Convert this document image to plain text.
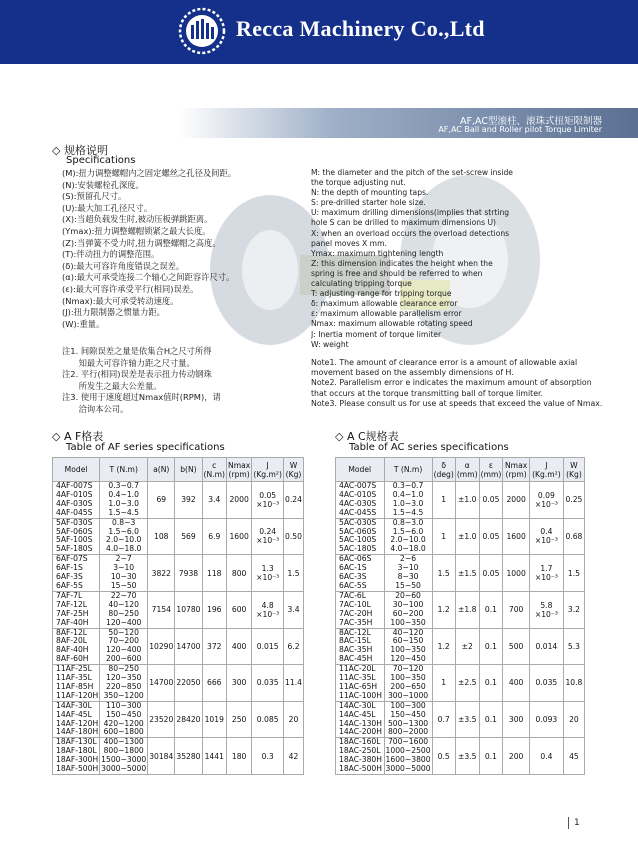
Recca Machinery Co.,Ltd
AF,AC型滚柱、滚珠式扭矩限制器
AF,AC Ball and Roller pilot Torque Limiter
◇ 规格说明
Specifications
(M):扭力调整螺帽内之固定螺丝之孔径及间距。
(N):安装螺栓孔深度。
(S):预留孔尺寸。
(U):最大加工孔径尺寸。
(X):当超负载发生时,被动压板弹跳距离。
(Ymax):扭力调整螺帽锁紧之最大长度。
(Z):当弹簧不受力时,扭力调整螺帽之高度。
(T):伴动扭力的调整范围。
(δ):最大可容许角度错误之误差。
(α):最大可承受连接二个轴心之间距容许尺寸。
(ε):最大可容许承受平行(相同)误差。
(Nmax):最大可承受转动速度。
(J):扭力限制器之惯量力距。
(W):重量。
注1. 间隙误差之量是依集合H之尺寸所得
　　知最大可容许轴力距之尺寸量。
注2. 平行(相同)误差是表示扭力传动钢珠
　　所发生之最大公差量。
注3. 使用于速度超过Nmax值时(RPM)，请
　　洽询本公司。
M: the diameter and the pitch of the set-screw inside
the torque adjusting nut.
N: the depth of mounting taps.
S: pre-drilled starter hole size.
U: maximum drilling dimensions(implies that strting
hole S can be drilled to maximum dimensions U)
X: when an overload occurs the overload detections
panel moves X mm.
Ymax: maximum tightening length
Z: this dimension indicates the height when the
spring is free and should be referred to when
calculating tripping torque
T: adjusting range for tripping torque
δ: maximum allowable clearance error
ε: maximum allowable parallelism error
Nmax: maximum allowable rotating speed
J: Inertia moment of torque limiter
W: weight
Note1. The amount of clearance error is a amount of allowable axial
movement based on the assembly dimensions of H.
Note2. Parallelism error e indicates the maximum amount of absorption
that occurs at the torque transmitting ball of torque limiter.
Note3. Please consult us for use at speeds that exceed the value of Nmax.
◇ A F格表
Table of AF series specifications
◇ A C规格表
Table of AC series specifications
Model	T (N.m)	a(N)	b(N)	c (N.m)	Nmax (rpm)	J (Kg.m²)	W (Kg)
4AF-007S
4AF-010S
4AF-030S
4AF-045S	0.3~0.7
0.4~1.0
1.0~3.0
1.5~4.5	69	392	3.4	2000	0.05
×10⁻³	0.24
5AF-030S
5AF-060S
5AF-100S
5AF-180S	0.8~3
1.5~6.0
2.0~10.0
4.0~18.0	108	569	6.9	1600	0.24
×10⁻³	0.50
6AF-07S
6AF-1S
6AF-3S
6AF-5S	2~7
3~10
10~30
15~50	3822	7938	118	800	1.3
×10⁻³	1.5
7AF-7L
7AF-12L
7AF-25H
7AF-40H	22~70
40~120
80~250
120~400	7154	10780	196	600	4.8
×10⁻³	3.4
8AF-12L
8AF-20L
8AF-40H
8AF-60H	50~120
70~200
120~400
200~600	10290	14700	372	400	0.015	6.2
11AF-25L
11AF-35L
11AF-85H
11AF-120H	80~250
120~350
220~850
350~1200	14700	22050	666	300	0.035	11.4
14AF-30L
14AF-45L
14AF-120H
14AF-180H	110~300
150~450
420~1200
600~1800	23520	28420	1019	250	0.085	20
18AF-130L
18AF-180L
18AF-300H
18AF-500H	400~1300
800~1800
1500~3000
3000~5000	30184	35280	1441	180	0.3	42
Model	T (N.m)	δ (deg)	α (mm)	ε (mm)	Nmax (rpm)	J (Kg.m²)	W (Kg)
4AC-007S
4AC-010S
4AC-030S
4AC-045S	0.3~0.7
0.4~1.0
1.0~3.0
1.5~4.5	1	±1.0	0.05	2000	0.09
×10⁻³	0.25
5AC-030S
5AC-060S
5AC-100S
5AC-180S	0.8~3.0
1.5~6.0
2.0~10.0
4.0~18.0	1	±1.0	0.05	1600	0.4
×10⁻³	0.68
6AC-06S
6AC-1S
6AC-3S
6AC-5S	2~6
3~10
8~30
15~50	1.5	±1.5	0.05	1000	1.7
×10⁻³	1.5
7AC-6L
7AC-10L
7AC-20H
7AC-35H	20~60
30~100
60~200
100~350	1.2	±1.8	0.1	700	5.8
×10⁻³	3.2
8AC-12L
8AC-15L
8AC-35H
8AC-45H	40~120
60~150
100~350
120~450	1.2	±2	0.1	500	0.014	5.3
11AC-20L
11AC-35L
11AC-65H
11AC-100H	70~120
100~350
200~650
300~1000	1	±2.5	0.1	400	0.035	10.8
14AC-30L
14AC-45L
14AC-130H
14AC-200H	100~300
150~450
500~1300
800~2000	0.7	±3.5	0.1	300	0.093	20
18AC-160L
18AC-250L
18AC-380H
18AC-500H	700~1600
1000~2500
1600~3800
3000~5000	0.5	±3.5	0.1	200	0.4	45
1
